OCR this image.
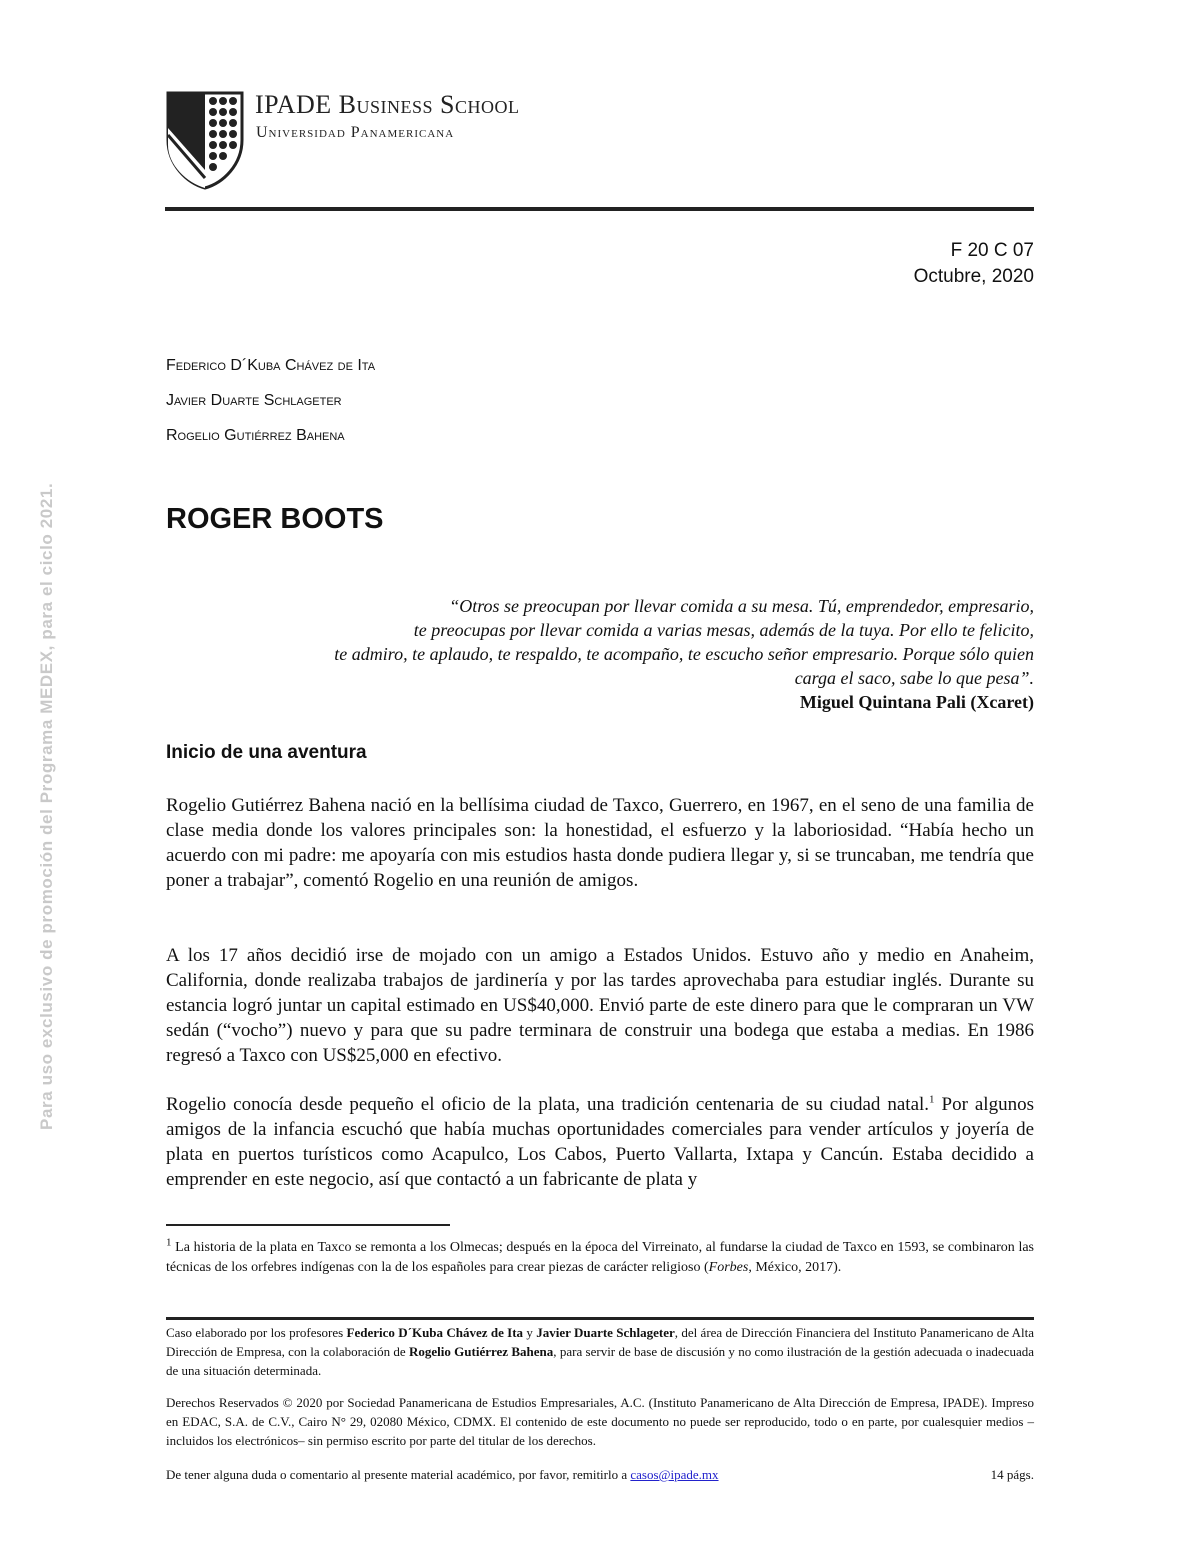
Para uso exclusivo de promoción del Programa MEDEX, para el ciclo 2021.
IPADE Business School
Universidad Panamericana
F 20 C 07
Octubre, 2020
Federico D´Kuba Chávez de Ita
Javier Duarte Schlageter
Rogelio Gutiérrez Bahena
ROGER BOOTS
“Otros se preocupan por llevar comida a su mesa. Tú, emprendedor, empresario,
te preocupas por llevar comida a varias mesas, además de la tuya. Por ello te felicito,
te admiro, te aplaudo, te respaldo, te acompaño, te escucho señor empresario. Porque sólo quien
carga el saco, sabe lo que pesa”.
Miguel Quintana Pali (Xcaret)
Inicio de una aventura

Rogelio Gutiérrez Bahena nació en la bellísima ciudad de Taxco, Guerrero, en 1967, en el seno de una familia de clase media donde los valores principales son: la honestidad, el esfuerzo y la laboriosidad. “Había hecho un acuerdo con mi padre: me apoyaría con mis estudios hasta donde pudiera llegar y, si se truncaban, me tendría que poner a trabajar”, comentó Rogelio en una reunión de amigos.

A los 17 años decidió irse de mojado con un amigo a Estados Unidos. Estuvo año y medio en Anaheim, California, donde realizaba trabajos de jardinería y por las tardes aprovechaba para estudiar inglés. Durante su estancia logró juntar un capital estimado en US$40,000. Envió parte de este dinero para que le compraran un VW sedán (“vocho”) nuevo y para que su padre terminara de construir una bodega que estaba a medias. En 1986 regresó a Taxco con US$25,000 en efectivo.

Rogelio conocía desde pequeño el oficio de la plata, una tradición centenaria de su ciudad natal.$^1$ Por algunos amigos de la infancia escuchó que había muchas oportunidades comerciales para vender artículos y joyería de plata en puertos turísticos como Acapulco, Los Cabos, Puerto Vallarta, Ixtapa y Cancún. Estaba decidido a emprender en este negocio, así que contactó a un fabricante de plata y

$^1$ La historia de la plata en Taxco se remonta a los Olmecas; después en la época del Virreinato, al fundarse la ciudad de Taxco en 1593, se combinaron las técnicas de los orfebres indígenas con la de los españoles para crear piezas de carácter religioso (Forbes, México, 2017).

Caso elaborado por los profesores Federico D´Kuba Chávez de Ita y Javier Duarte Schlageter, del área de Dirección Financiera del Instituto Panamericano de Alta Dirección de Empresa, con la colaboración de Rogelio Gutiérrez Bahena, para servir de base de discusión y no como ilustración de la gestión adecuada o inadecuada de una situación determinada.

Derechos Reservados © 2020 por Sociedad Panamericana de Estudios Empresariales, A.C. (Instituto Panamericano de Alta Dirección de Empresa, IPADE). Impreso en EDAC, S.A. de C.V., Cairo N° 29, 02080 México, CDMX. El contenido de este documento no puede ser reproducido, todo o en parte, por cualesquier medios –incluidos los electrónicos– sin permiso escrito por parte del titular de los derechos.

De tener alguna duda o comentario al presente material académico, por favor, remitirlo a casos@ipade.mx	14 págs.
